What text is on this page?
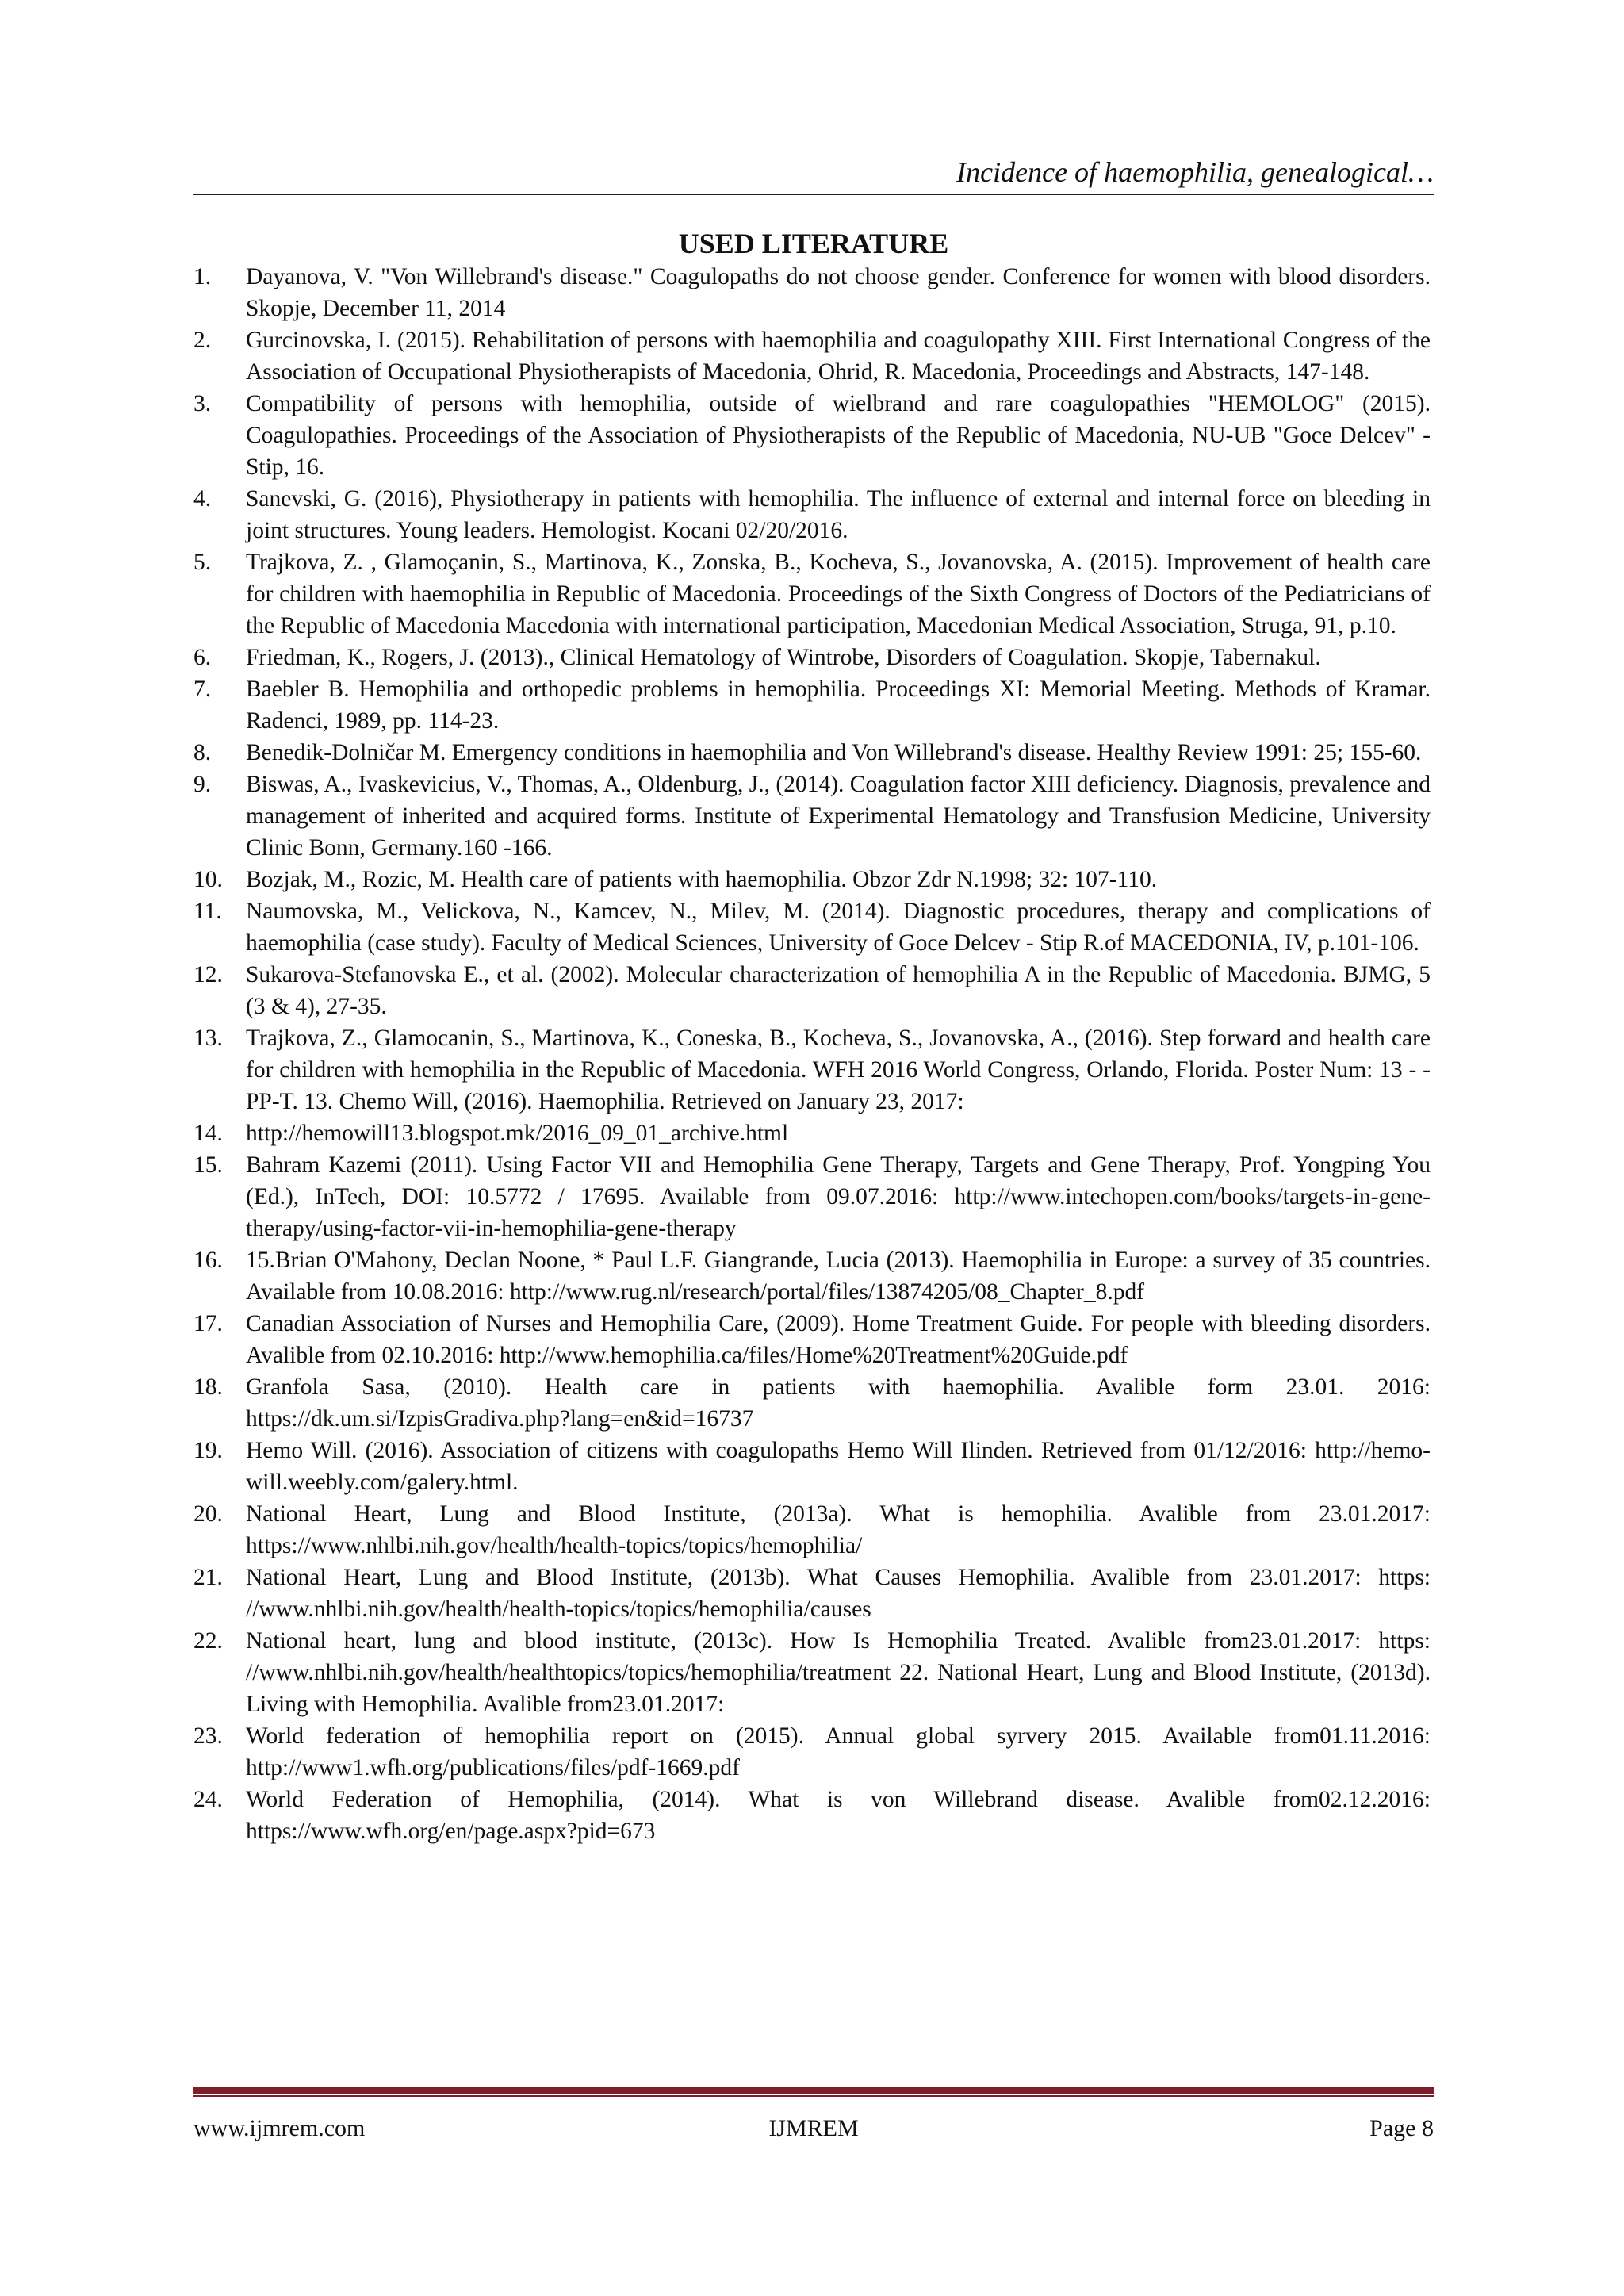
Incidence of haemophilia, genealogical…
USED LITERATURE
1.	Dayanova, V. "Von Willebrand's disease." Coagulopaths do not choose gender. Conference for women with blood disorders. Skopje, December 11, 2014
2.	Gurcinovska, I. (2015). Rehabilitation of persons with haemophilia and coagulopathy XIII. First International Congress of the Association of Occupational Physiotherapists of Macedonia, Ohrid, R. Macedonia, Proceedings and Abstracts, 147-148.
3.	Compatibility of persons with hemophilia, outside of wielbrand and rare coagulopathies "HEMOLOG" (2015). Coagulopathies. Proceedings of the Association of Physiotherapists of the Republic of Macedonia, NU-UB "Goce Delcev" - Stip, 16.
4.	Sanevski, G. (2016), Physiotherapy in patients with hemophilia. The influence of external and internal force on bleeding in joint structures. Young leaders. Hemologist. Kocani 02/20/2016.
5.	Trajkova, Z. , Glamoçanin, S., Martinova, K., Zonska, B., Kocheva, S., Jovanovska, A. (2015). Improvement of health care for children with haemophilia in Republic of Macedonia. Proceedings of the Sixth Congress of Doctors of the Pediatricians of the Republic of Macedonia Macedonia with international participation, Macedonian Medical Association, Struga, 91, p.10.
6.	Friedman, K., Rogers, J. (2013)., Clinical Hematology of Wintrobe, Disorders of Coagulation. Skopje, Tabernakul.
7.	Baebler B. Hemophilia and orthopedic problems in hemophilia. Proceedings XI: Memorial Meeting. Methods of Kramar. Radenci, 1989, pp. 114-23.
8.	Benedik-Dolničar M. Emergency conditions in haemophilia and Von Willebrand's disease. Healthy Review 1991: 25; 155-60.
9.	Biswas, A., Ivaskevicius, V., Thomas, A., Oldenburg, J., (2014). Coagulation factor XIII deficiency. Diagnosis, prevalence and management of inherited and acquired forms. Institute of Experimental Hematology and Transfusion Medicine, University Clinic Bonn, Germany.160 -166.
10. Bozjak, M., Rozic, M. Health care of patients with haemophilia. Obzor Zdr N.1998; 32: 107-110.
11.	Naumovska, M., Velickova, N., Kamcev, N., Milev, M. (2014). Diagnostic procedures, therapy and complications of haemophilia (case study). Faculty of Medical Sciences, University of Goce Delcev - Stip R.of MACEDONIA, IV, p.101-106.
12. Sukarova-Stefanovska E., et al. (2002). Molecular characterization of hemophilia A in the Republic of Macedonia. BJMG, 5 (3 & 4), 27-35.
13. Trajkova, Z., Glamocanin, S., Martinova, K., Coneska, B., Kocheva, S., Jovanovska, A., (2016). Step forward and health care for children with hemophilia in the Republic of Macedonia. WFH 2016 World Congress, Orlando, Florida. Poster Num: 13 - -PP-T. 13. Chemo Will, (2016). Haemophilia. Retrieved on January 23, 2017:
14. http://hemowill13.blogspot.mk/2016_09_01_archive.html
15. Bahram Kazemi (2011). Using Factor VII and Hemophilia Gene Therapy, Targets and Gene Therapy, Prof. Yongping You (Ed.), InTech, DOI: 10.5772 / 17695. Available from 09.07.2016: http://www.intechopen.com/books/targets-in-gene-therapy/using-factor-vii-in-hemophilia-gene-therapy
16. 15.Brian O'Mahony, Declan Noone, * Paul L.F. Giangrande, Lucia (2013). Haemophilia in Europe: a survey of 35 countries. Available from 10.08.2016: http://www.rug.nl/research/portal/files/13874205/08_Chapter_8.pdf
17. Canadian Association of Nurses and Hemophilia Care, (2009). Home Treatment Guide. For people with bleeding disorders. Avalible from 02.10.2016: http://www.hemophilia.ca/files/Home%20Treatment%20Guide.pdf
18. Granfola Sasa, (2010). Health care in patients with haemophilia. Avalible form 23.01. 2016: https://dk.um.si/IzpisGradiva.php?lang=en&id=16737
19. Hemo Will. (2016). Association of citizens with coagulopaths Hemo Will Ilinden. Retrieved from 01/12/2016: http://hemo-will.weebly.com/galery.html.
20. National Heart, Lung and Blood Institute, (2013a). What is hemophilia. Avalible from 23.01.2017: https://www.nhlbi.nih.gov/health/health-topics/topics/hemophilia/
21. National Heart, Lung and Blood Institute, (2013b). What Causes Hemophilia. Avalible from 23.01.2017: https: //www.nhlbi.nih.gov/health/health-topics/topics/hemophilia/causes
22. National heart, lung and blood institute, (2013c). How Is Hemophilia Treated. Avalible from23.01.2017: https: //www.nhlbi.nih.gov/health/healthtopics/topics/hemophilia/treatment 22. National Heart, Lung and Blood Institute, (2013d). Living with Hemophilia. Avalible from23.01.2017:
23. World federation of hemophilia report on (2015). Annual global syrvery 2015. Available from01.11.2016: http://www1.wfh.org/publications/files/pdf-1669.pdf
24. World Federation of Hemophilia, (2014). What is von Willebrand disease. Avalible from02.12.2016: https://www.wfh.org/en/page.aspx?pid=673
www.ijmrem.com	IJMREM	Page 8
